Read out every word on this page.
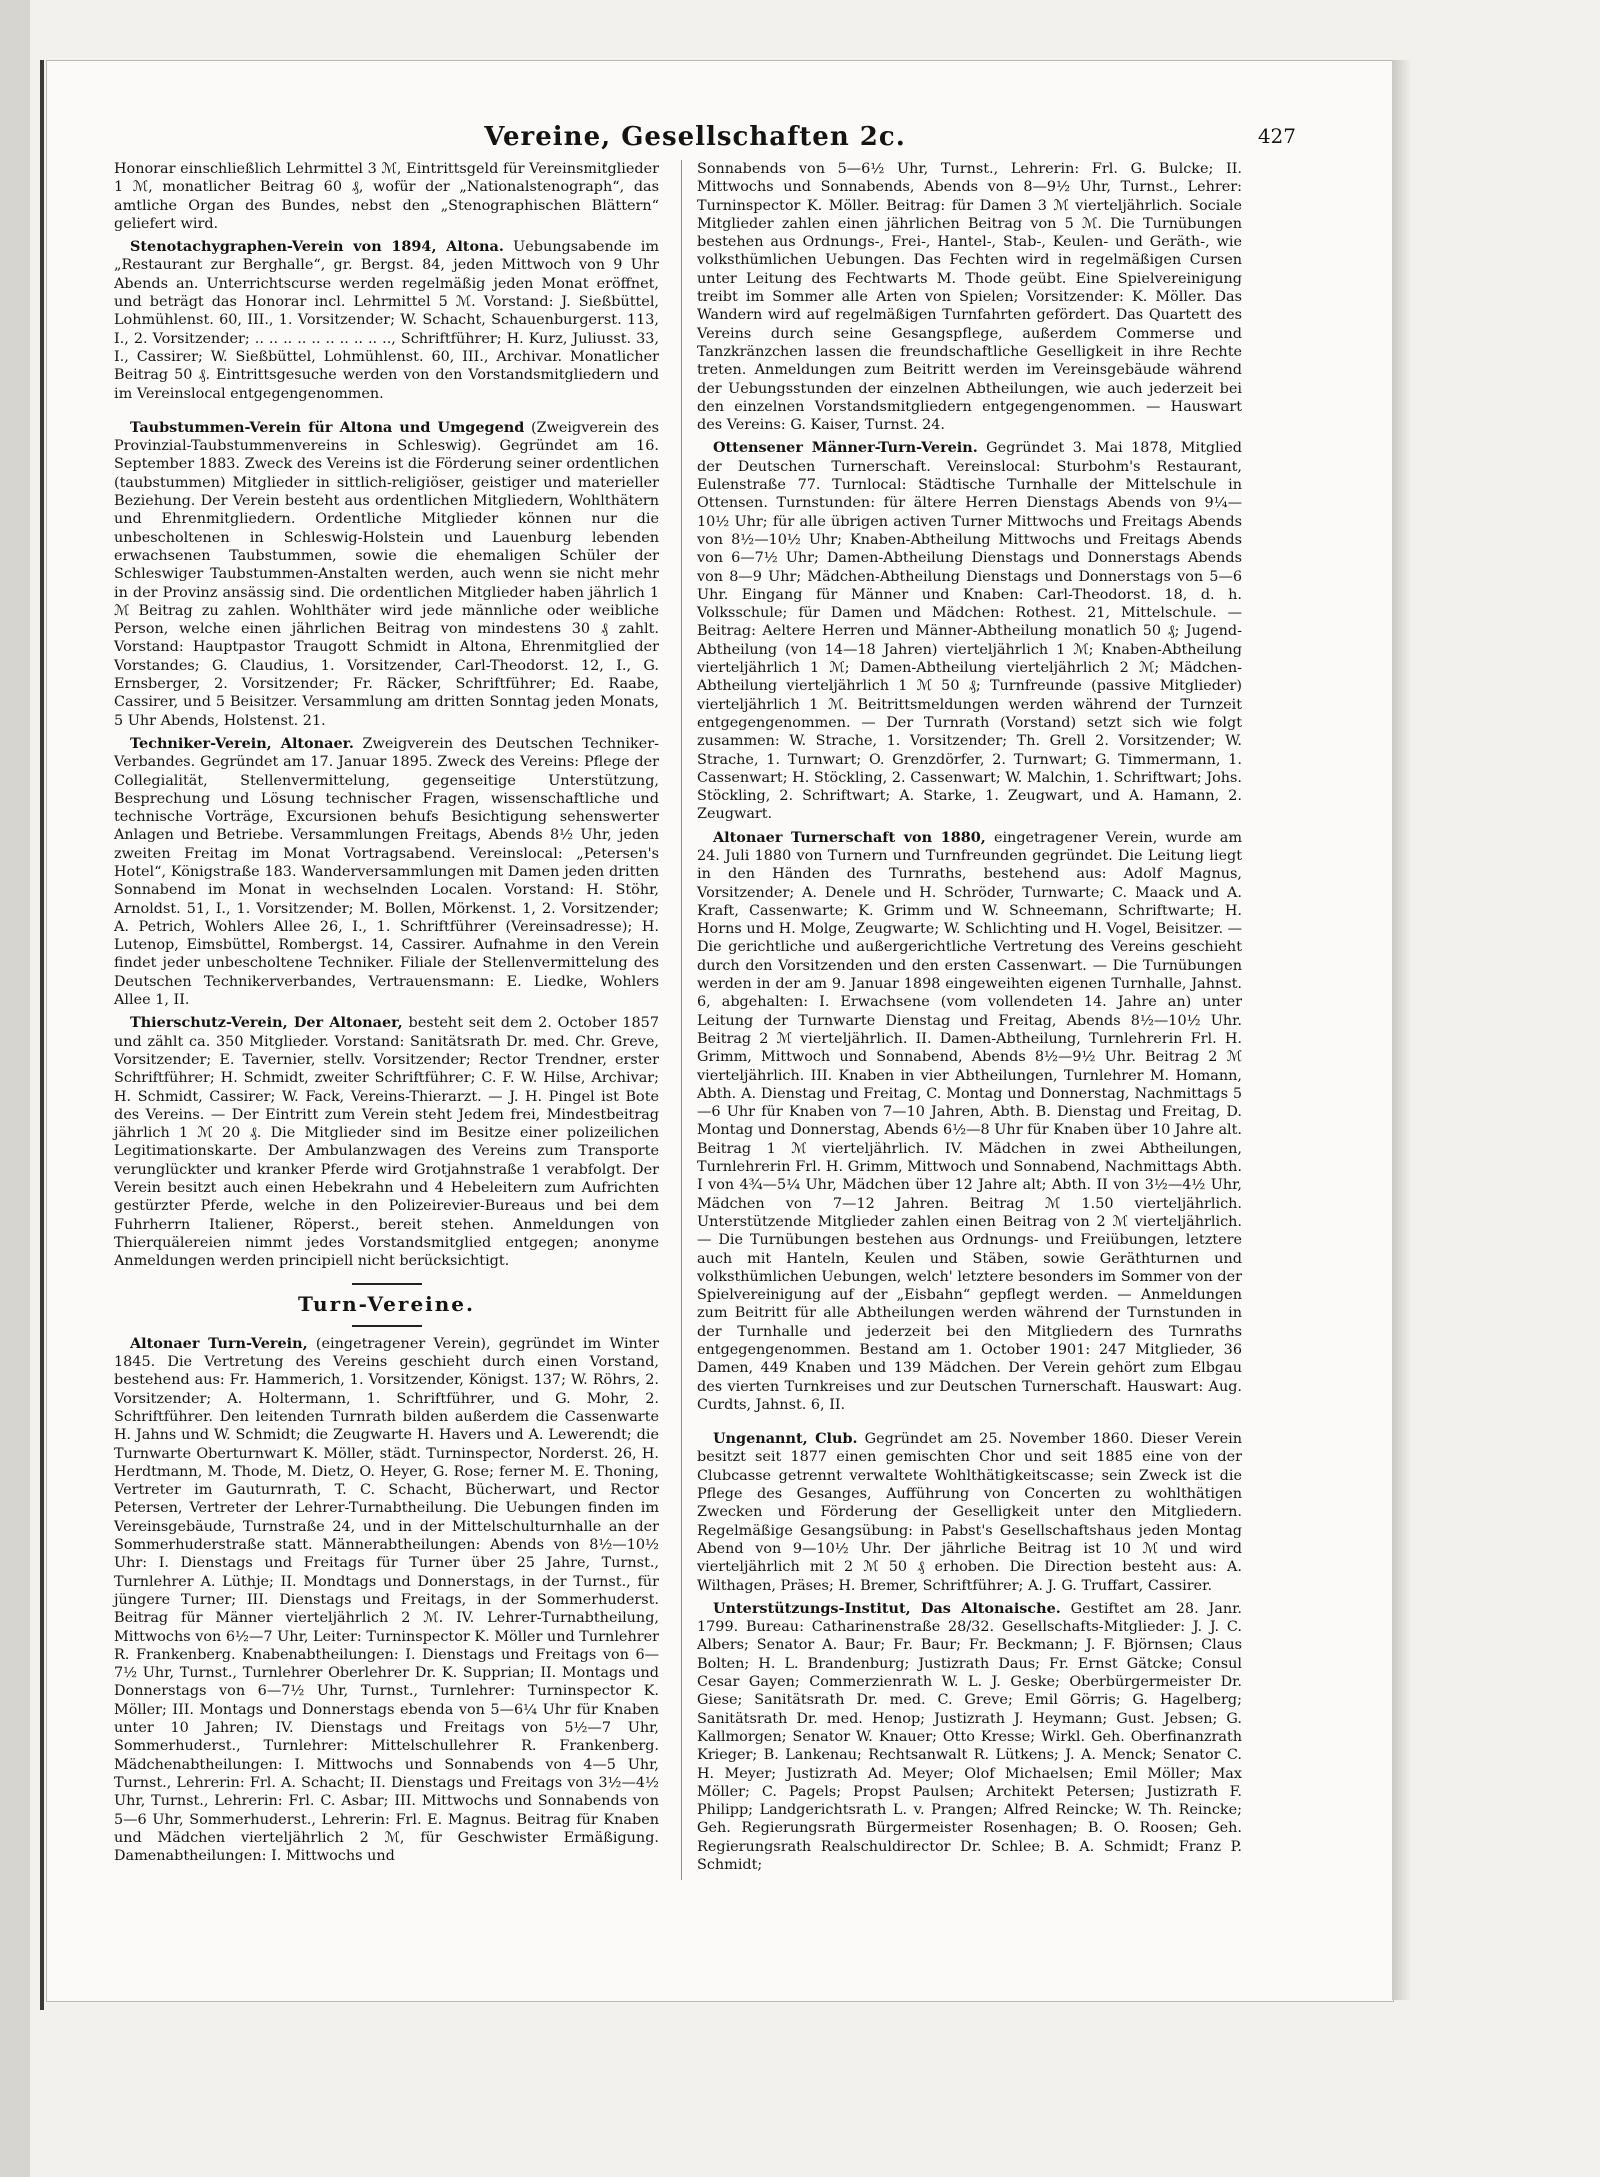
Vereine, Gesellschaften 2c.	427

Honorar einschließlich Lehrmittel 3 ℳ, Eintrittsgeld für Vereinsmitglieder 1 ℳ, monatlicher Beitrag 60 ₰, wofür der „Nationalstenograph“, das amtliche Organ des Bundes, nebst den „Stenographischen Blättern“ geliefert wird.

Stenotachygraphen-Verein von 1894, Altona. Uebungsabende im „Restaurant zur Berghalle“, gr. Bergst. 84, jeden Mittwoch von 9 Uhr Abends an. Unterrichtscurse werden regelmäßig jeden Monat eröffnet, und beträgt das Honorar incl. Lehrmittel 5 ℳ. Vorstand: J. Sießbüttel, Lohmühlenst. 60, III., 1. Vorsitzender; W. Schacht, Schauenburgerst. 113, I., 2. Vorsitzender; .. .. .. .. .. .. .. .. .. .., Schriftführer; H. Kurz, Juliusst. 33, I., Cassirer; W. Sießbüttel, Lohmühlenst. 60, III., Archivar. Monatlicher Beitrag 50 ₰. Eintrittsgesuche werden von den Vorstandsmitgliedern und im Vereinslocal entgegengenommen.

Taubstummen-Verein für Altona und Umgegend (Zweigverein des Provinzial-Taubstummenvereins in Schleswig). Gegründet am 16. September 1883. Zweck des Vereins ist die Förderung seiner ordentlichen (taubstummen) Mitglieder in sittlich-religiöser, geistiger und materieller Beziehung. Der Verein besteht aus ordentlichen Mitgliedern, Wohlthätern und Ehrenmitgliedern. Ordentliche Mitglieder können nur die unbescholtenen in Schleswig-Holstein und Lauenburg lebenden erwachsenen Taubstummen, sowie die ehemaligen Schüler der Schleswiger Taubstummen-Anstalten werden, auch wenn sie nicht mehr in der Provinz ansässig sind. Die ordentlichen Mitglieder haben jährlich 1 ℳ Beitrag zu zahlen. Wohlthäter wird jede männliche oder weibliche Person, welche einen jährlichen Beitrag von mindestens 30 ₰ zahlt. Vorstand: Hauptpastor Traugott Schmidt in Altona, Ehrenmitglied der Vorstandes; G. Claudius, 1. Vorsitzender, Carl-Theodorst. 12, I., G. Ernsberger, 2. Vorsitzender; Fr. Räcker, Schriftführer; Ed. Raabe, Cassirer, und 5 Beisitzer. Versammlung am dritten Sonntag jeden Monats, 5 Uhr Abends, Holstenst. 21.

Techniker-Verein, Altonaer. Zweigverein des Deutschen Techniker-Verbandes. Gegründet am 17. Januar 1895. Zweck des Vereins: Pflege der Collegialität, Stellenvermittelung, gegenseitige Unterstützung, Besprechung und Lösung technischer Fragen, wissenschaftliche und technische Vorträge, Excursionen behufs Besichtigung sehenswerter Anlagen und Betriebe. Versammlungen Freitags, Abends 8½ Uhr, jeden zweiten Freitag im Monat Vortragsabend. Vereinslocal: „Petersen's Hotel“, Königstraße 183. Wanderversammlungen mit Damen jeden dritten Sonnabend im Monat in wechselnden Localen. Vorstand: H. Stöhr, Arnoldst. 51, I., 1. Vorsitzender; M. Bollen, Mörkenst. 1, 2. Vorsitzender; A. Petrich, Wohlers Allee 26, I., 1. Schriftführer (Vereinsadresse); H. Lutenop, Eimsbüttel, Rombergst. 14, Cassirer. Aufnahme in den Verein findet jeder unbescholtene Techniker. Filiale der Stellenvermittelung des Deutschen Technikerverbandes, Vertrauensmann: E. Liedke, Wohlers Allee 1, II.

Thierschutz-Verein, Der Altonaer, besteht seit dem 2. October 1857 und zählt ca. 350 Mitglieder. Vorstand: Sanitätsrath Dr. med. Chr. Greve, Vorsitzender; E. Tavernier, stellv. Vorsitzender; Rector Trendner, erster Schriftführer; H. Schmidt, zweiter Schriftführer; C. F. W. Hilse, Archivar; H. Schmidt, Cassirer; W. Fack, Vereins-Thierarzt. — J. H. Pingel ist Bote des Vereins. — Der Eintritt zum Verein steht Jedem frei, Mindestbeitrag jährlich 1 ℳ 20 ₰. Die Mitglieder sind im Besitze einer polizeilichen Legitimationskarte. Der Ambulanzwagen des Vereins zum Transporte verunglückter und kranker Pferde wird Grotjahnstraße 1 verabfolgt. Der Verein besitzt auch einen Hebekrahn und 4 Hebeleitern zum Aufrichten gestürzter Pferde, welche in den Polizeirevier-Bureaus und bei dem Fuhrherrn Italiener, Röperst., bereit stehen. Anmeldungen von Thierquälereien nimmt jedes Vorstandsmitglied entgegen; anonyme Anmeldungen werden principiell nicht berücksichtigt.

Turn-Vereine.

Altonaer Turn-Verein, (eingetragener Verein), gegründet im Winter 1845. Die Vertretung des Vereins geschieht durch einen Vorstand, bestehend aus: Fr. Hammerich, 1. Vorsitzender, Königst. 137; W. Röhrs, 2. Vorsitzender; A. Holtermann, 1. Schriftführer, und G. Mohr, 2. Schriftführer. Den leitenden Turnrath bilden außerdem die Cassenwarte H. Jahns und W. Schmidt; die Zeugwarte H. Havers und A. Lewerendt; die Turnwarte Oberturnwart K. Möller, städt. Turninspector, Norderst. 26, H. Herdtmann, M. Thode, M. Dietz, O. Heyer, G. Rose; ferner M. E. Thoning, Vertreter im Gauturnrath, T. C. Schacht, Bücherwart, und Rector Petersen, Vertreter der Lehrer-Turnabtheilung. Die Uebungen finden im Vereinsgebäude, Turnstraße 24, und in der Mittelschulturnhalle an der Sommerhuderstraße statt. Männerabtheilungen: Abends von 8½—10½ Uhr: I. Dienstags und Freitags für Turner über 25 Jahre, Turnst., Turnlehrer A. Lüthje; II. Mondtags und Donnerstags, in der Turnst., für jüngere Turner; III. Dienstags und Freitags, in der Sommerhuderst. Beitrag für Männer vierteljährlich 2 ℳ. IV. Lehrer-Turnabtheilung, Mittwochs von 6½—7 Uhr, Leiter: Turninspector K. Möller und Turnlehrer R. Frankenberg. Knabenabtheilungen: I. Dienstags und Freitags von 6—7½ Uhr, Turnst., Turnlehrer Oberlehrer Dr. K. Supprian; II. Montags und Donnerstags von 6—7½ Uhr, Turnst., Turnlehrer: Turninspector K. Möller; III. Montags und Donnerstags ebenda von 5—6¼ Uhr für Knaben unter 10 Jahren; IV. Dienstags und Freitags von 5½—7 Uhr, Sommerhuderst., Turnlehrer: Mittelschullehrer R. Frankenberg. Mädchenabtheilungen: I. Mittwochs und Sonnabends von 4—5 Uhr, Turnst., Lehrerin: Frl. A. Schacht; II. Dienstags und Freitags von 3½—4½ Uhr, Turnst., Lehrerin: Frl. C. Asbar; III. Mittwochs und Sonnabends von 5—6 Uhr, Sommerhuderst., Lehrerin: Frl. E. Magnus. Beitrag für Knaben und Mädchen vierteljährlich 2 ℳ, für Geschwister Ermäßigung. Damenabtheilungen: I. Mittwochs und

Sonnabends von 5—6½ Uhr, Turnst., Lehrerin: Frl. G. Bulcke; II. Mittwochs und Sonnabends, Abends von 8—9½ Uhr, Turnst., Lehrer: Turninspector K. Möller. Beitrag: für Damen 3 ℳ vierteljährlich. Sociale Mitglieder zahlen einen jährlichen Beitrag von 5 ℳ. Die Turnübungen bestehen aus Ordnungs-, Frei-, Hantel-, Stab-, Keulen- und Geräth-, wie volksthümlichen Uebungen. Das Fechten wird in regelmäßigen Cursen unter Leitung des Fechtwarts M. Thode geübt. Eine Spielvereinigung treibt im Sommer alle Arten von Spielen; Vorsitzender: K. Möller. Das Wandern wird auf regelmäßigen Turnfahrten gefördert. Das Quartett des Vereins durch seine Gesangspflege, außerdem Commerse und Tanzkränzchen lassen die freundschaftliche Geselligkeit in ihre Rechte treten. Anmeldungen zum Beitritt werden im Vereinsgebäude während der Uebungsstunden der einzelnen Abtheilungen, wie auch jederzeit bei den einzelnen Vorstandsmitgliedern entgegengenommen. — Hauswart des Vereins: G. Kaiser, Turnst. 24.

Ottensener Männer-Turn-Verein. Gegründet 3. Mai 1878, Mitglied der Deutschen Turnerschaft. Vereinslocal: Sturbohm's Restaurant, Eulenstraße 77. Turnlocal: Städtische Turnhalle der Mittelschule in Ottensen. Turnstunden: für ältere Herren Dienstags Abends von 9¼—10½ Uhr; für alle übrigen activen Turner Mittwochs und Freitags Abends von 8½—10½ Uhr; Knaben-Abtheilung Mittwochs und Freitags Abends von 6—7½ Uhr; Damen-Abtheilung Dienstags und Donnerstags Abends von 8—9 Uhr; Mädchen-Abtheilung Dienstags und Donnerstags von 5—6 Uhr. Eingang für Männer und Knaben: Carl-Theodorst. 18, d. h. Volksschule; für Damen und Mädchen: Rothest. 21, Mittelschule. — Beitrag: Aeltere Herren und Männer-Abtheilung monatlich 50 ₰; Jugend-Abtheilung (von 14—18 Jahren) vierteljährlich 1 ℳ; Knaben-Abtheilung vierteljährlich 1 ℳ; Damen-Abtheilung vierteljährlich 2 ℳ; Mädchen-Abtheilung vierteljährlich 1 ℳ 50 ₰; Turnfreunde (passive Mitglieder) vierteljährlich 1 ℳ. Beitrittsmeldungen werden während der Turnzeit entgegengenommen. — Der Turnrath (Vorstand) setzt sich wie folgt zusammen: W. Strache, 1. Vorsitzender; Th. Grell 2. Vorsitzender; W. Strache, 1. Turnwart; O. Grenzdörfer, 2. Turnwart; G. Timmermann, 1. Cassenwart; H. Stöckling, 2. Cassenwart; W. Malchin, 1. Schriftwart; Johs. Stöckling, 2. Schriftwart; A. Starke, 1. Zeugwart, und A. Hamann, 2. Zeugwart.

Altonaer Turnerschaft von 1880, eingetragener Verein, wurde am 24. Juli 1880 von Turnern und Turnfreunden gegründet. Die Leitung liegt in den Händen des Turnraths, bestehend aus: Adolf Magnus, Vorsitzender; A. Denele und H. Schröder, Turnwarte; C. Maack und A. Kraft, Cassenwarte; K. Grimm und W. Schneemann, Schriftwarte; H. Horns und H. Molge, Zeugwarte; W. Schlichting und H. Vogel, Beisitzer. — Die gerichtliche und außergerichtliche Vertretung des Vereins geschieht durch den Vorsitzenden und den ersten Cassenwart. — Die Turnübungen werden in der am 9. Januar 1898 eingeweihten eigenen Turnhalle, Jahnst. 6, abgehalten: I. Erwachsene (vom vollendeten 14. Jahre an) unter Leitung der Turnwarte Dienstag und Freitag, Abends 8½—10½ Uhr. Beitrag 2 ℳ vierteljährlich. II. Damen-Abtheilung, Turnlehrerin Frl. H. Grimm, Mittwoch und Sonnabend, Abends 8½—9½ Uhr. Beitrag 2 ℳ vierteljährlich. III. Knaben in vier Abtheilungen, Turnlehrer M. Homann, Abth. A. Dienstag und Freitag, C. Montag und Donnerstag, Nachmittags 5—6 Uhr für Knaben von 7—10 Jahren, Abth. B. Dienstag und Freitag, D. Montag und Donnerstag, Abends 6½—8 Uhr für Knaben über 10 Jahre alt. Beitrag 1 ℳ vierteljährlich. IV. Mädchen in zwei Abtheilungen, Turnlehrerin Frl. H. Grimm, Mittwoch und Sonnabend, Nachmittags Abth. I von 4¾—5¼ Uhr, Mädchen über 12 Jahre alt; Abth. II von 3½—4½ Uhr, Mädchen von 7—12 Jahren. Beitrag ℳ 1.50 vierteljährlich. Unterstützende Mitglieder zahlen einen Beitrag von 2 ℳ vierteljährlich. — Die Turnübungen bestehen aus Ordnungs- und Freiübungen, letztere auch mit Hanteln, Keulen und Stäben, sowie Geräthturnen und volksthümlichen Uebungen, welch' letztere besonders im Sommer von der Spielvereinigung auf der „Eisbahn“ gepflegt werden. — Anmeldungen zum Beitritt für alle Abtheilungen werden während der Turnstunden in der Turnhalle und jederzeit bei den Mitgliedern des Turnraths entgegengenommen. Bestand am 1. October 1901: 247 Mitglieder, 36 Damen, 449 Knaben und 139 Mädchen. Der Verein gehört zum Elbgau des vierten Turnkreises und zur Deutschen Turnerschaft. Hauswart: Aug. Curdts, Jahnst. 6, II.

Ungenannt, Club. Gegründet am 25. November 1860. Dieser Verein besitzt seit 1877 einen gemischten Chor und seit 1885 eine von der Clubcasse getrennt verwaltete Wohlthätigkeitscasse; sein Zweck ist die Pflege des Gesanges, Aufführung von Concerten zu wohlthätigen Zwecken und Förderung der Geselligkeit unter den Mitgliedern. Regelmäßige Gesangsübung: in Pabst's Gesellschaftshaus jeden Montag Abend von 9—10½ Uhr. Der jährliche Beitrag ist 10 ℳ und wird vierteljährlich mit 2 ℳ 50 ₰ erhoben. Die Direction besteht aus: A. Wilthagen, Präses; H. Bremer, Schriftführer; A. J. G. Truffart, Cassirer.

Unterstützungs-Institut, Das Altonaische. Gestiftet am 28. Janr. 1799. Bureau: Catharinenstraße 28/32. Gesellschafts-Mitglieder: J. J. C. Albers; Senator A. Baur; Fr. Baur; Fr. Beckmann; J. F. Björnsen; Claus Bolten; H. L. Brandenburg; Justizrath Daus; Fr. Ernst Gätcke; Consul Cesar Gayen; Commerzienrath W. L. J. Geske; Oberbürgermeister Dr. Giese; Sanitätsrath Dr. med. C. Greve; Emil Görris; G. Hagelberg; Sanitätsrath Dr. med. Henop; Justizrath J. Heymann; Gust. Jebsen; G. Kallmorgen; Senator W. Knauer; Otto Kresse; Wirkl. Geh. Oberfinanzrath Krieger; B. Lankenau; Rechtsanwalt R. Lütkens; J. A. Menck; Senator C. H. Meyer; Justizrath Ad. Meyer; Olof Michaelsen; Emil Möller; Max Möller; C. Pagels; Propst Paulsen; Architekt Petersen; Justizrath F. Philipp; Landgerichtsrath L. v. Prangen; Alfred Reincke; W. Th. Reincke; Geh. Regierungsrath Bürgermeister Rosenhagen; B. O. Roosen; Geh. Regierungsrath Realschuldirector Dr. Schlee; B. A. Schmidt; Franz P. Schmidt;
